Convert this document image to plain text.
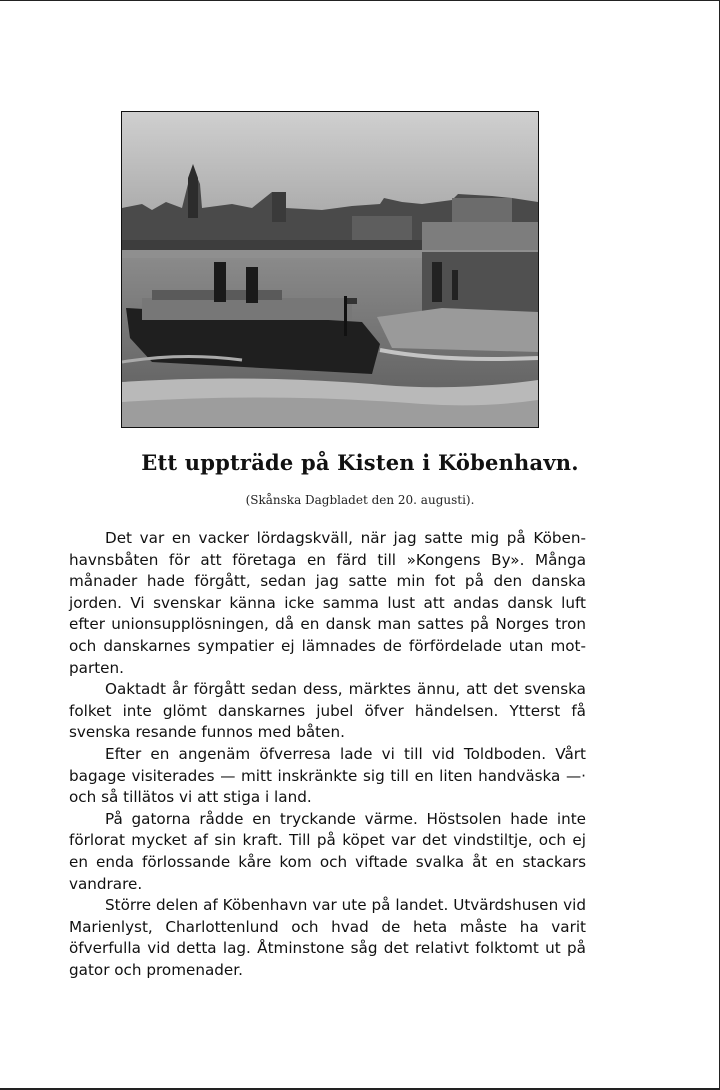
Ett uppträde på Kisten i Köbenhavn.

(Skånska Dagbladet den 20. augusti).

Det var en vacker lördagskväll, när jag satte mig på Köbenhavnsbåten för att företaga en färd till »Kongens By». Många månader hade förgått, sedan jag satte min fot på den danska jorden. Vi svenskar känna icke samma lust att andas dansk luft efter unionsupplösningen, då en dansk man sattes på Norges tron och danskarnes sympatier ej lämnades de förfördelade utan motparten.

Oaktadt år förgått sedan dess, märktes ännu, att det svenska folket inte glömt danskarnes jubel öfver händelsen. Ytterst få svenska resande funnos med båten.

Efter en angenäm öfverresa lade vi till vid Toldboden. Vårt bagage visiterades — mitt inskränkte sig till en liten handväska —· och så tillätos vi att stiga i land.

På gatorna rådde en tryckande värme. Höstsolen hade inte förlorat mycket af sin kraft. Till på köpet var det vindstiltje, och ej en enda förlossande kåre kom och viftade svalka åt en stackars vandrare.

Större delen af Köbenhavn var ute på landet. Utvärdshusen vid Marienlyst, Charlottenlund och hvad de heta måste ha varit öfverfulla vid detta lag. Åtminstone såg det relativt folktomt ut på gator och promenader.
